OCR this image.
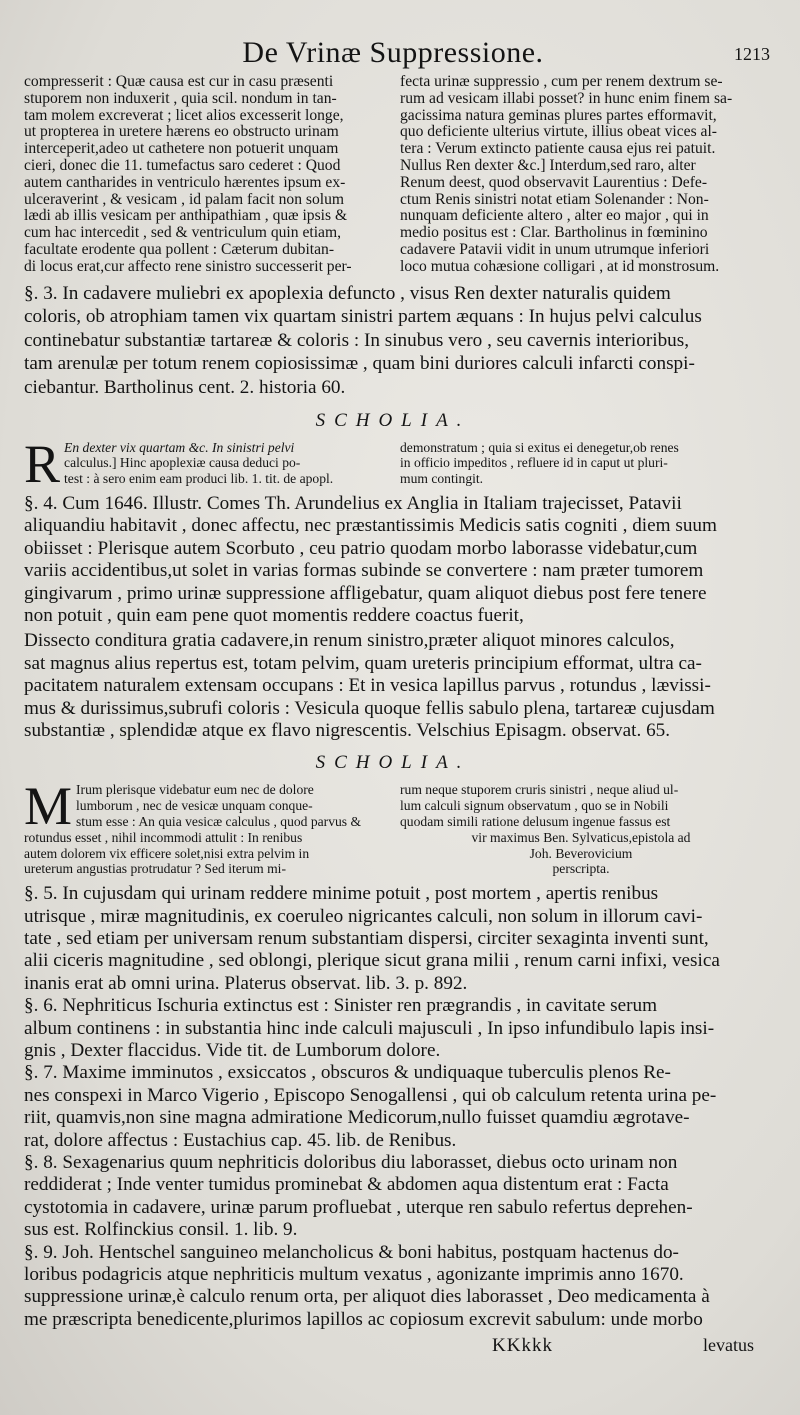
De Vrinæ Suppressione.	1213
compresserit : Quæ causa est cur in casu præsenti
stuporem non induxerit , quia scil. nondum in tan-
tam molem excreverat ; licet alios excesserit longe,
ut propterea in uretere hærens eo obstructo urinam
interceperit,adeo ut cathetere non potuerit unquam
cieri, donec die 11. tumefactus saro cederet : Quod
autem cantharides in ventriculo hærentes ipsum ex-
ulceraverint , & vesicam , id palam facit non solum
lædi ab illis vesicam per anthipathiam , quæ ipsis &
cum hac intercedit , sed & ventriculum quin etiam,
facultate erodente qua pollent : Cæterum dubitan-
di locus erat,cur affecto rene sinistro successerit per-
fecta urinæ suppressio , cum per renem dextrum se-
rum ad vesicam illabi posset? in hunc enim finem sa-
gacissima natura geminas plures partes efformavit,
quo deficiente ulterius virtute, illius obeat vices al-
tera : Verum extincto patiente causa ejus rei patuit.
Nullus Ren dexter &c.] Interdum,sed raro, alter
Renum deest, quod observavit Laurentius : Defe-
ctum Renis sinistri notat etiam Solenander : Non-
nunquam deficiente altero , alter eo major , qui in
medio positus est : Clar. Bartholinus in fœminino
cadavere Patavii vidit in unum utrumque inferiori
loco mutua cohæsione colligari , at id monstrosum.
§. 3. In cadavere muliebri ex apoplexia defuncto , visus Ren dexter naturalis quidem
coloris, ob atrophiam tamen vix quartam sinistri partem æquans : In hujus pelvi calculus
continebatur substantiæ tartareæ & coloris : In sinubus vero , seu cavernis interioribus,
tam arenulæ per totum renem copiosissimæ , quam bini duriores calculi infarcti conspi-
ciebantur. Bartholinus cent. 2. historia 60.
SCHOLIA.
R En dexter vix quartam &c. In sinistri pelvi
calculus.] Hinc apoplexiæ causa deduci po-
test : à sero enim eam produci lib. 1. tit. de apopl.
demonstratum ; quia si exitus ei denegetur,ob renes
in officio impeditos , refluere id in caput ut pluri-
mum contingit.
§. 4. Cum 1646. Illustr. Comes Th. Arundelius ex Anglia in Italiam trajecisset, Patavii
aliquandiu habitavit , donec affectu, nec præstantissimis Medicis satis cogniti , diem suum
obiisset : Plerisque autem Scorbuto , ceu patrio quodam morbo laborasse videbatur,cum
variis accidentibus,ut solet in varias formas subinde se convertere : nam præter tumorem
gingivarum , primo urinæ suppressione affligebatur, quam aliquot diebus post fere tenere
non potuit , quin eam pene quot momentis reddere coactus fuerit,
Dissecto conditura gratia cadavere,in renum sinistro,præter aliquot minores calculos,
sat magnus alius repertus est, totam pelvim, quam ureteris principium efformat, ultra ca-
pacitatem naturalem extensam occupans : Et in vesica lapillus parvus , rotundus , lævissi-
mus & durissimus,subrufi coloris : Vesicula quoque fellis sabulo plena, tartareæ cujusdam
substantiæ , splendidæ atque ex flavo nigrescentis. Velschius Episagm. observat. 65.
SCHOLIA.
M Irum plerisque videbatur eum nec de dolore
lumborum , nec de vesicæ unquam conque-
stum esse : An quia vesicæ calculus , quod parvus &
rotundus esset , nihil incommodi attulit : In renibus
autem dolorem vix efficere solet,nisi extra pelvim in
ureterum angustias protrudatur ? Sed iterum mi-
rum neque stuporem cruris sinistri , neque aliud ul-
lum calculi signum observatum , quo se in Nobili
quodam simili ratione delusum ingenue fassus est
vir maximus Ben. Sylvaticus,epistola ad
Joh. Beverovicium
perscripta.
§. 5. In cujusdam qui urinam reddere minime potuit , post mortem , apertis renibus
utrisque , miræ magnitudinis, ex coeruleo nigricantes calculi, non solum in illorum cavi-
tate , sed etiam per universam renum substantiam dispersi, circiter sexaginta inventi sunt,
alii ciceris magnitudine , sed oblongi, plerique sicut grana milii , renum carni infixi, vesica
inanis erat ab omni urina. Platerus observat. lib. 3. p. 892.
§. 6. Nephriticus Ischuria extinctus est : Sinister ren prægrandis , in cavitate serum
album continens : in substantia hinc inde calculi majusculi , In ipso infundibulo lapis insi-
gnis , Dexter flaccidus. Vide tit. de Lumborum dolore.
§. 7. Maxime imminutos , exsiccatos , obscuros & undiquaque tuberculis plenos Re-
nes conspexi in Marco Vigerio , Episcopo Senogallensi , qui ob calculum retenta urina pe-
riit, quamvis,non sine magna admiratione Medicorum,nullo fuisset quamdiu ægrotave-
rat, dolore affectus : Eustachius cap. 45. lib. de Renibus.
§. 8. Sexagenarius quum nephriticis doloribus diu laborasset, diebus octo urinam non
reddiderat ; Inde venter tumidus prominebat & abdomen aqua distentum erat : Facta
cystotomia in cadavere, urinæ parum profluebat , uterque ren sabulo refertus deprehen-
sus est. Rolfinckius consil. 1. lib. 9.
§. 9. Joh. Hentschel sanguineo melancholicus & boni habitus, postquam hactenus do-
loribus podagricis atque nephriticis multum vexatus , agonizante imprimis anno 1670.
suppressione urinæ,è calculo renum orta, per aliquot dies laborasset , Deo medicamenta à
me præscripta benedicente,plurimos lapillos ac copiosum excrevit sabulum: unde morbo
KKkkk	levatus
